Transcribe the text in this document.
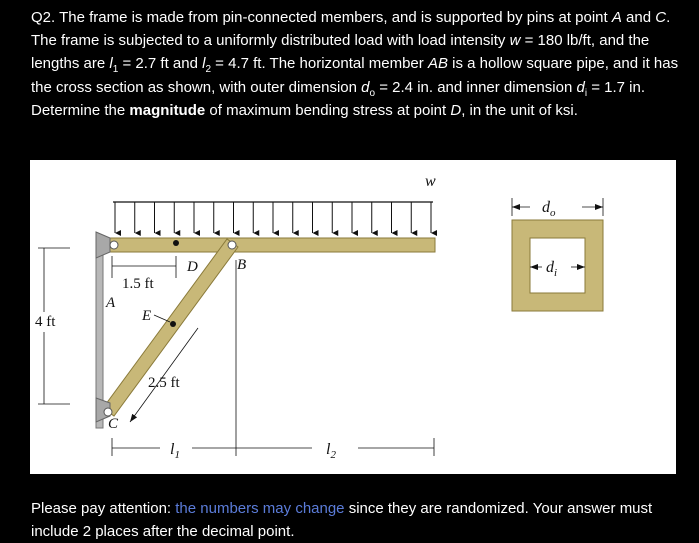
Q2. The frame is made from pin-connected members, and is supported by pins at point A and C. The frame is subjected to a uniformly distributed load with load intensity w = 180 lb/ft, and the lengths are $l_1 = 2.7$ ft and $l_2 = 4.7$ ft. The horizontal member AB is a hollow square pipe, and it has the cross section as shown, with outer dimension $d_o = 2.4$ in. and inner dimension $d_i = 1.7$ in. Determine the magnitude of maximum bending stress at point D, in the unit of ksi.
D	B
A
E
C
w
1.5 ft
2.5 ft
4 ft
$l_1$	$l_2$
$d_o$
$d_i$
Please pay attention: the numbers may change since they are randomized. Your answer must include 2 places after the decimal point.
